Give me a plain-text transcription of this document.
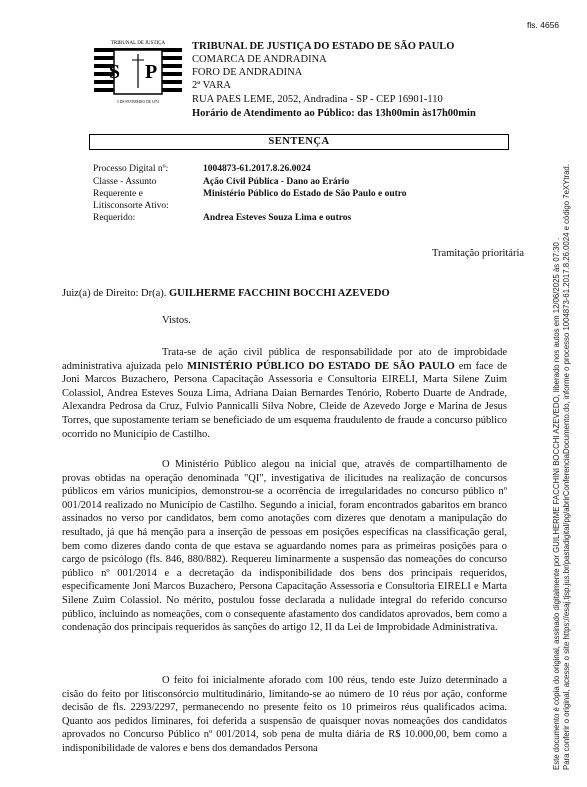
fls. 4656
TRIBUNAL DE JUSTIÇA
S P
5 DE FEVEREIRO DE 1874
TRIBUNAL DE JUSTIÇA DO ESTADO DE SÃO PAULO
COMARCA DE ANDRADINA
FORO DE ANDRADINA
2ª VARA
RUA PAES LEME, 2052, Andradina - SP - CEP 16901-110
Horário de Atendimento ao Público: das 13h00min às17h00min
SENTENÇA
Processo Digital nº:	1004873-61.2017.8.26.0024
Classe - Assunto	Ação Civil Pública - Dano ao Erário
Requerente e	Ministério Público do Estado de São Paulo e outro
Litisconsorte Ativo:
Requerido:	Andrea Esteves Souza Lima e outros
Tramitação prioritária
Juiz(a) de Direito: Dr(a). GUILHERME FACCHINI BOCCHI AZEVEDO
Vistos.
Trata-se de ação civil pública de responsabilidade por ato de improbidade administrativa ajuizada pelo MINISTÉRIO PÚBLICO DO ESTADO DE SÃO PAULO em face de Joni Marcos Buzachero, Persona Capacitação Assessoria e Consultoria EIRELI, Marta Silene Zuim Colassiol, Andrea Esteves Souza Lima, Adriana Daian Bernardes Tenório, Roberto Duarte de Andrade, Alexandra Pedrosa da Cruz, Fulvio Pannicalli Silva Nobre, Cleide de Azevedo Jorge e Marina de Jesus Torres, que supostamente teriam se beneficiado de um esquema fraudulento de fraude a concurso público ocorrido no Município de Castilho.
O Ministério Público alegou na inicial que, através de compartilhamento de provas obtidas na operação denominada "QI", investigativa de ilicitudes na realização de concursos públicos em vários municípios, demonstrou-se a ocorrência de irregularidades no concurso público nº 001/2014 realizado no Município de Castilho. Segundo a inicial, foram encontrados gabaritos em branco assinados no verso por candidatos, bem como anotações com dizeres que denotam a manipulação do resultado, já que há menção para a inserção de pessoas em posições específicas na classificação geral, bem como dizeres dando conta de que estava se aguardando nomes para as primeiras posições para o cargo de psicólogo (fls. 846, 880/882). Requereu liminarmente a suspensão das nomeações do concurso público nº 001/2014 e a decretação da indisponibilidade dos bens dos principais requeridos, especificamente Joni Marcos Buzachero, Persona Capacitação Assessoria e Consultoria EIRELI e Marta Silene Zuim Colassiol. No mérito, postulou fosse declarada a nulidade integral do referido concurso público, incluindo as nomeações, com o consequente afastamento dos candidatos aprovados, bem como a condenação dos principais requeridos às sanções do artigo 12, II da Lei de Improbidade Administrativa.
O feito foi inicialmente aforado com 100 réus, tendo este Juízo determinado a cisão do feito por litisconsórcio multitudinário, limitando-se ao número de 10 réus por ação, conforme decisão de fls. 2293/2297, permanecendo no presente feito os 10 primeiros réus qualificados acima. Quanto aos pedidos liminares, foi deferida a suspensão de quaisquer novas nomeações dos candidatos aprovados no Concurso Público nº 001/2014, sob pena de multa diária de R$ 10.000,00, bem como a indisponibilidade de valores e bens dos demandados Persona	Este documento é cópia do original, assinado digitalmente por GUILHERME FACCHINI BOCCHI AZEVEDO, liberado nos autos em 12/06/2025 às 07:30 . Para conferir o original, acesse o site https://esaj.tjsp.jus.br/pastadigital/pg/abrirConferenciaDocumento.do, informe o processo 1004873-61.2017.8.26.0024 e código 7eXYtrad.
